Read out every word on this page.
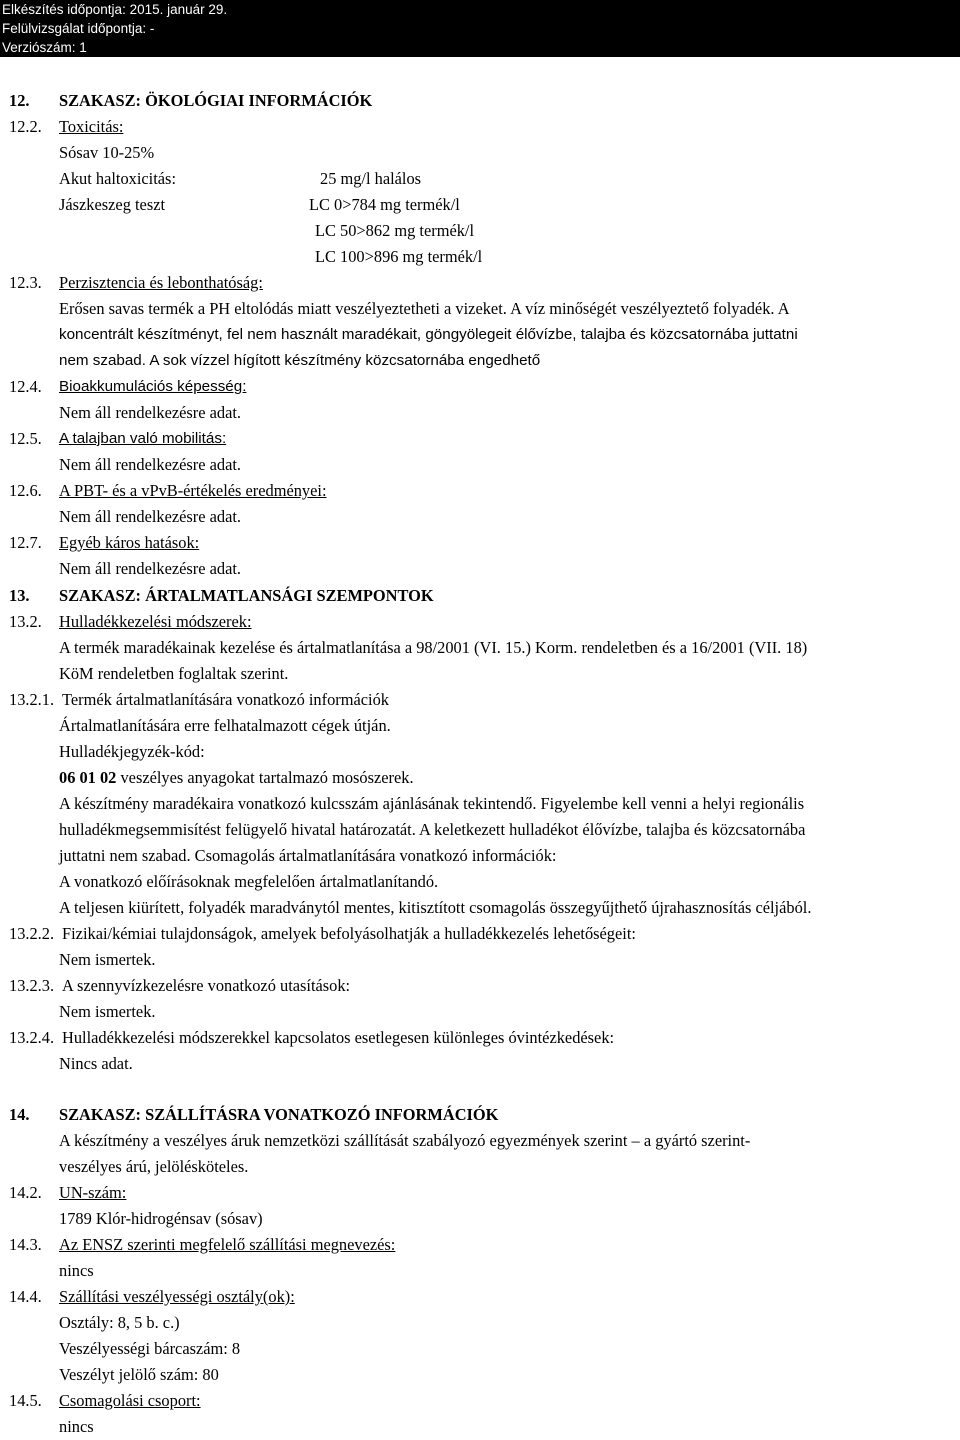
Elkészítés időpontja: 2015. január 29.
Felülvizsgálat időpontja: -
Verziószám: 1
12. SZAKASZ: ÖKOLÓGIAI INFORMÁCIÓK
12.2. Toxicitás:
Sósav 10-25%
Akut haltoxicitás:	25 mg/l halálos
Jászkeszeg teszt	LC 0>784 mg termék/l
LC 50>862 mg termék/l
LC 100>896 mg termék/l
12.3. Perzisztencia és lebonthatóság:
Erősen savas termék a PH eltolódás miatt veszélyeztetheti a vizeket. A víz minőségét veszélyeztető folyadék. A
koncentrált készítményt, fel nem használt maradékait, göngyölegeit élővízbe, talajba és közcsatornába juttatni
nem szabad. A sok vízzel hígított készítmény közcsatornába engedhető
12.4. Bioakkumulációs képesség:
Nem áll rendelkezésre adat.
12.5. A talajban való mobilitás:
Nem áll rendelkezésre adat.
12.6. A PBT- és a vPvB-értékelés eredményei:
Nem áll rendelkezésre adat.
12.7. Egyéb káros hatások:
Nem áll rendelkezésre adat.
13. SZAKASZ: ÁRTALMATLANSÁGI SZEMPONTOK
13.2. Hulladékkezelési módszerek:
A termék maradékainak kezelése és ártalmatlanítása a 98/2001 (VI. 15.) Korm. rendeletben és a 16/2001 (VII. 18)
KöM rendeletben foglaltak szerint.
13.2.1. Termék ártalmatlanítására vonatkozó információk
Ártalmatlanítására erre felhatalmazott cégek útján.
Hulladékjegyzék-kód:
06 01 02 veszélyes anyagokat tartalmazó mosószerek.
A készítmény maradékaira vonatkozó kulcsszám ajánlásának tekintendő. Figyelembe kell venni a helyi regionális
hulladékmegsemmisítést felügyelő hivatal határozatát. A keletkezett hulladékot élővízbe, talajba és közcsatornába
juttatni nem szabad. Csomagolás ártalmatlanítására vonatkozó információk:
A vonatkozó előírásoknak megfelelően ártalmatlanítandó.
A teljesen kiürített, folyadék maradványtól mentes, kitisztított csomagolás összegyűjthető újrahasznosítás céljából.
13.2.2. Fizikai/kémiai tulajdonságok, amelyek befolyásolhatják a hulladékkezelés lehetőségeit:
Nem ismertek.
13.2.3. A szennyvízkezelésre vonatkozó utasítások:
Nem ismertek.
13.2.4. Hulladékkezelési módszerekkel kapcsolatos esetlegesen különleges óvintézkedések:
Nincs adat.
14. SZAKASZ: SZÁLLÍTÁSRA VONATKOZÓ INFORMÁCIÓK
A készítmény a veszélyes áruk nemzetközi szállítását szabályozó egyezmények szerint – a gyártó szerint-
veszélyes árú, jelölésköteles.
14.2. UN-szám:
1789 Klór-hidrogénsav (sósav)
14.3. Az ENSZ szerinti megfelelő szállítási megnevezés:
nincs
14.4. Szállítási veszélyességi osztály(ok):
Osztály: 8, 5 b. c.)
Veszélyességi bárcaszám: 8
Veszélyt jelölő szám: 80
14.5. Csomagolási csoport:
nincs
